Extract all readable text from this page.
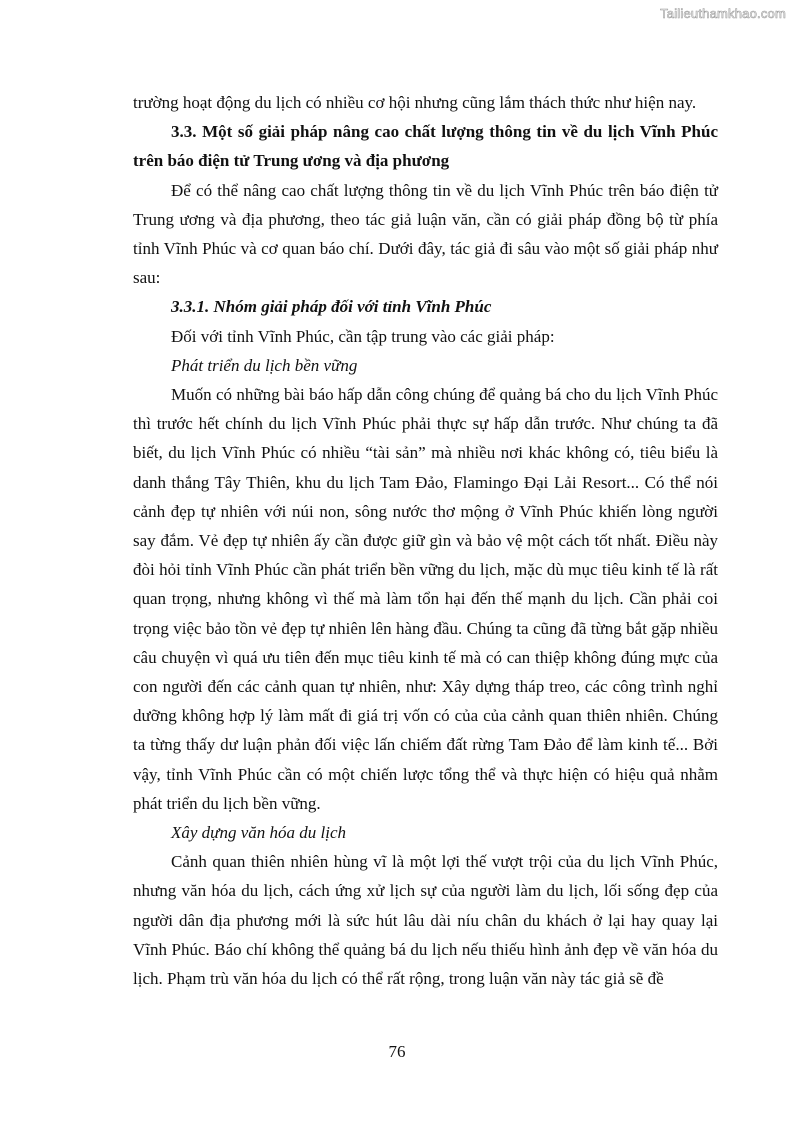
Tailieuthamkhao.com

trường hoạt động du lịch có nhiều cơ hội nhưng cũng lắm thách thức như hiện nay.

3.3. Một số giải pháp nâng cao chất lượng thông tin về du lịch Vĩnh Phúc trên báo điện tử Trung ương và địa phương

Để có thể nâng cao chất lượng thông tin về du lịch Vĩnh Phúc trên báo điện tử Trung ương và địa phương, theo tác giả luận văn, cần có giải pháp đồng bộ từ phía tỉnh Vĩnh Phúc và cơ quan báo chí. Dưới đây, tác giả đi sâu vào một số giải pháp như sau:

3.3.1. Nhóm giải pháp đối với tỉnh Vĩnh Phúc

Đối với tỉnh Vĩnh Phúc, cần tập trung vào các giải pháp:

Phát triển du lịch bền vững

Muốn có những bài báo hấp dẫn công chúng để quảng bá cho du lịch Vĩnh Phúc thì trước hết chính du lịch Vĩnh Phúc phải thực sự hấp dẫn trước. Như chúng ta đã biết, du lịch Vĩnh Phúc có nhiều “tài sản” mà nhiều nơi khác không có, tiêu biểu là danh thắng Tây Thiên, khu du lịch Tam Đảo, Flamingo Đại Lải Resort... Có thể nói cảnh đẹp tự nhiên với núi non, sông nước thơ mộng ở Vĩnh Phúc khiến lòng người say đắm. Vẻ đẹp tự nhiên ấy cần được giữ gìn và bảo vệ một cách tốt nhất. Điều này đòi hỏi tỉnh Vĩnh Phúc cần phát triển bền vững du lịch, mặc dù mục tiêu kinh tế là rất quan trọng, nhưng không vì thế mà làm tổn hại đến thế mạnh du lịch. Cần phải coi trọng việc bảo tồn vẻ đẹp tự nhiên lên hàng đầu. Chúng ta cũng đã từng bắt gặp nhiều câu chuyện vì quá ưu tiên đến mục tiêu kinh tế mà có can thiệp không đúng mực của con người đến các cảnh quan tự nhiên, như: Xây dựng tháp treo, các công trình nghỉ dưỡng không hợp lý làm mất đi giá trị vốn có của của cảnh quan thiên nhiên. Chúng ta từng thấy dư luận phản đối việc lấn chiếm đất rừng Tam Đảo để làm kinh tế... Bởi vậy, tỉnh Vĩnh Phúc cần có một chiến lược tổng thể và thực hiện có hiệu quả nhằm phát triển du lịch bền vững.

Xây dựng văn hóa du lịch

Cảnh quan thiên nhiên hùng vĩ là một lợi thế vượt trội của du lịch Vĩnh Phúc, nhưng văn hóa du lịch, cách ứng xử lịch sự của người làm du lịch, lối sống đẹp của người dân địa phương mới là sức hút lâu dài níu chân du khách ở lại hay quay lại Vĩnh Phúc. Báo chí không thể quảng bá du lịch nếu thiếu hình ảnh đẹp về văn hóa du lịch. Phạm trù văn hóa du lịch có thể rất rộng, trong luận văn này tác giả sẽ đề

76
